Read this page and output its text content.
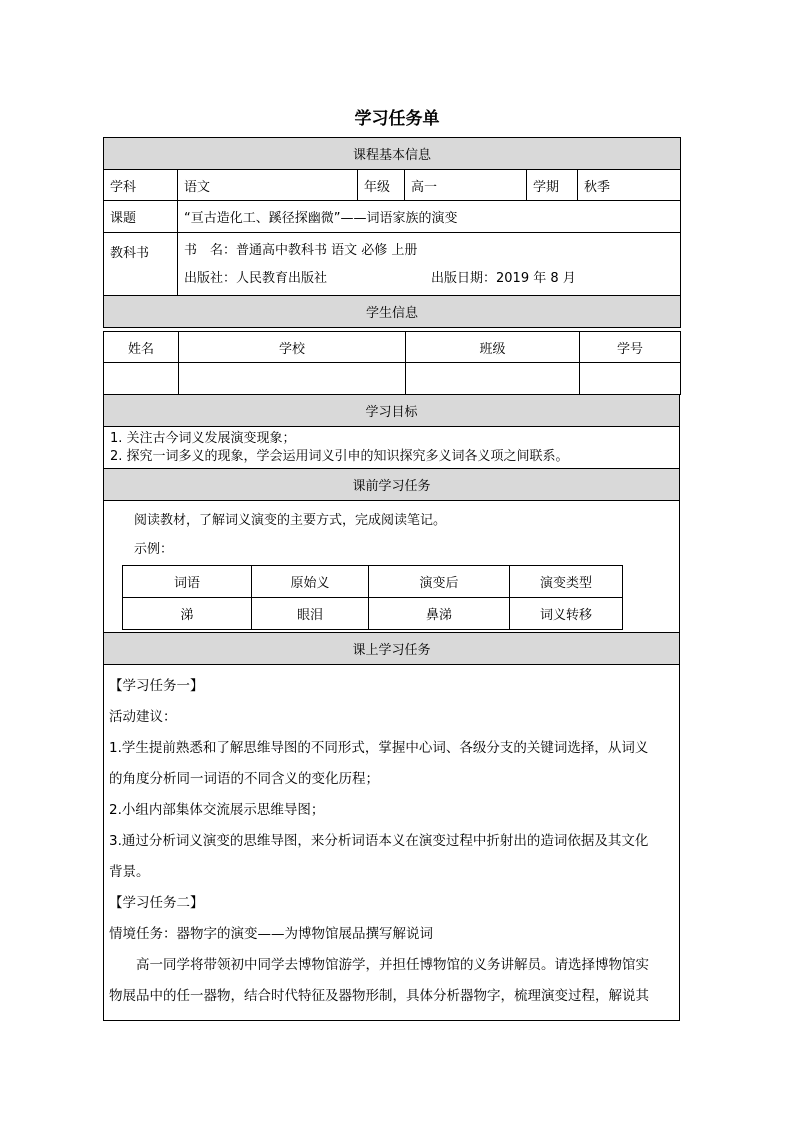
学习任务单
课程基本信息					
学科	语文	年级	高一	学期	秋季
课题	“亘古造化工、蹊径探幽微”——词语家族的演变				
教科书	书　名：普通高中教科书 语文 必修 上册
出版社：人民教育出版社 出版日期：2019 年 8 月				

学生信息					
姓名	学校	班级	学号

学习目标

1. 关注古今词义发展演变现象；
2. 探究一词多义的现象，学会运用词义引申的知识探究多义词各义项之间联系。

课前学习任务

阅读教材，了解词义演变的主要方式，完成阅读笔记。
示例：
词语	原始义	演变后	演变类型
涕	眼泪	鼻涕	词义转移

课上学习任务

【学习任务一】

活动建议：

1.学生提前熟悉和了解思维导图的不同形式，掌握中心词、各级分支的关键词选择，从词义

的角度分析同一词语的不同含义的变化历程；

2.小组内部集体交流展示思维导图；

3.通过分析词义演变的思维导图，来分析词语本义在演变过程中折射出的造词依据及其文化

背景。

【学习任务二】

情境任务：器物字的演变——为博物馆展品撰写解说词

高一同学将带领初中同学去博物馆游学，并担任博物馆的义务讲解员。请选择博物馆实

物展品中的任一器物，结合时代特征及器物形制，具体分析器物字，梳理演变过程，解说其
